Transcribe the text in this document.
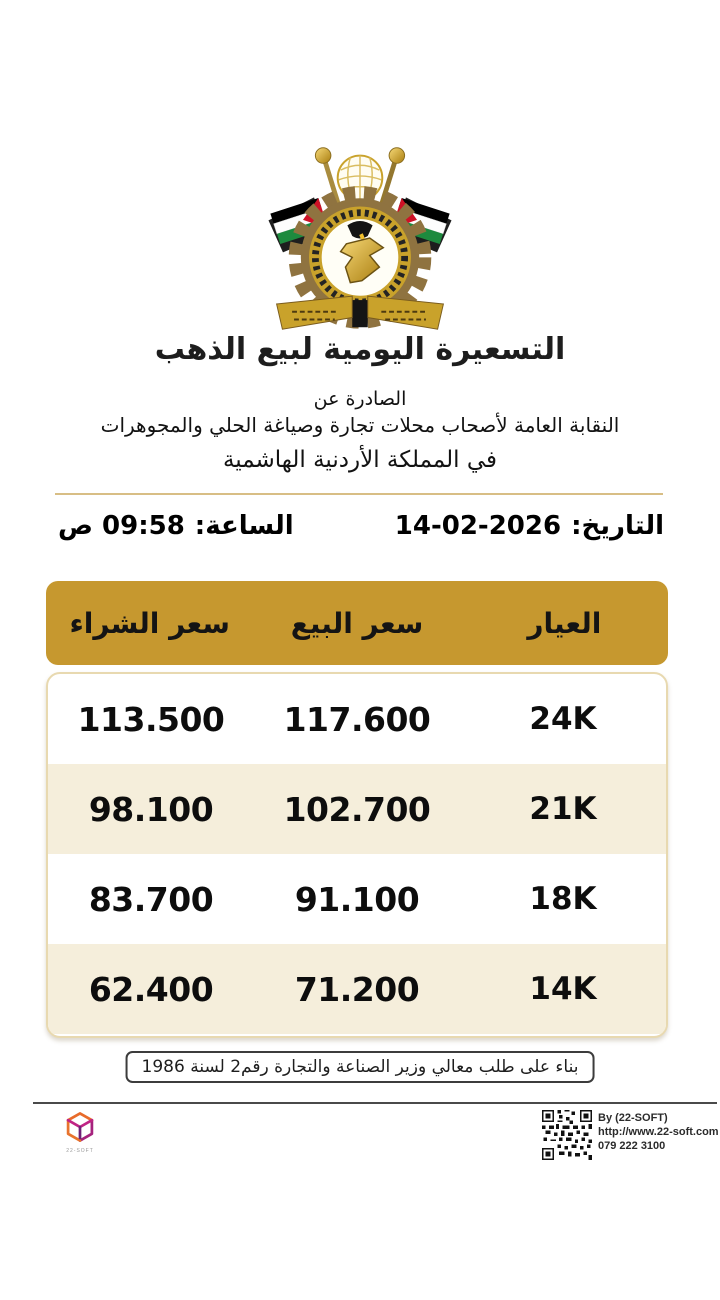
التسعيرة اليومية لبيع الذهب
الصادرة عن
النقابة العامة لأصحاب محلات تجارة وصياغة الحلي والمجوهرات
في المملكة الأردنية الهاشمية
التاريخ:
14-02-2026
الساعة:
09:58 ص
العيار
سعر البيع
سعر الشراء
24K
117.600
113.500
21K
102.700
98.100
18K
91.100
83.700
14K
71.200
62.400
بناء على طلب معالي وزير الصناعة والتجارة رقم2 لسنة 1986
22-SOFT
By (22-SOFT)
http://www.22-soft.com
079 222 3100
